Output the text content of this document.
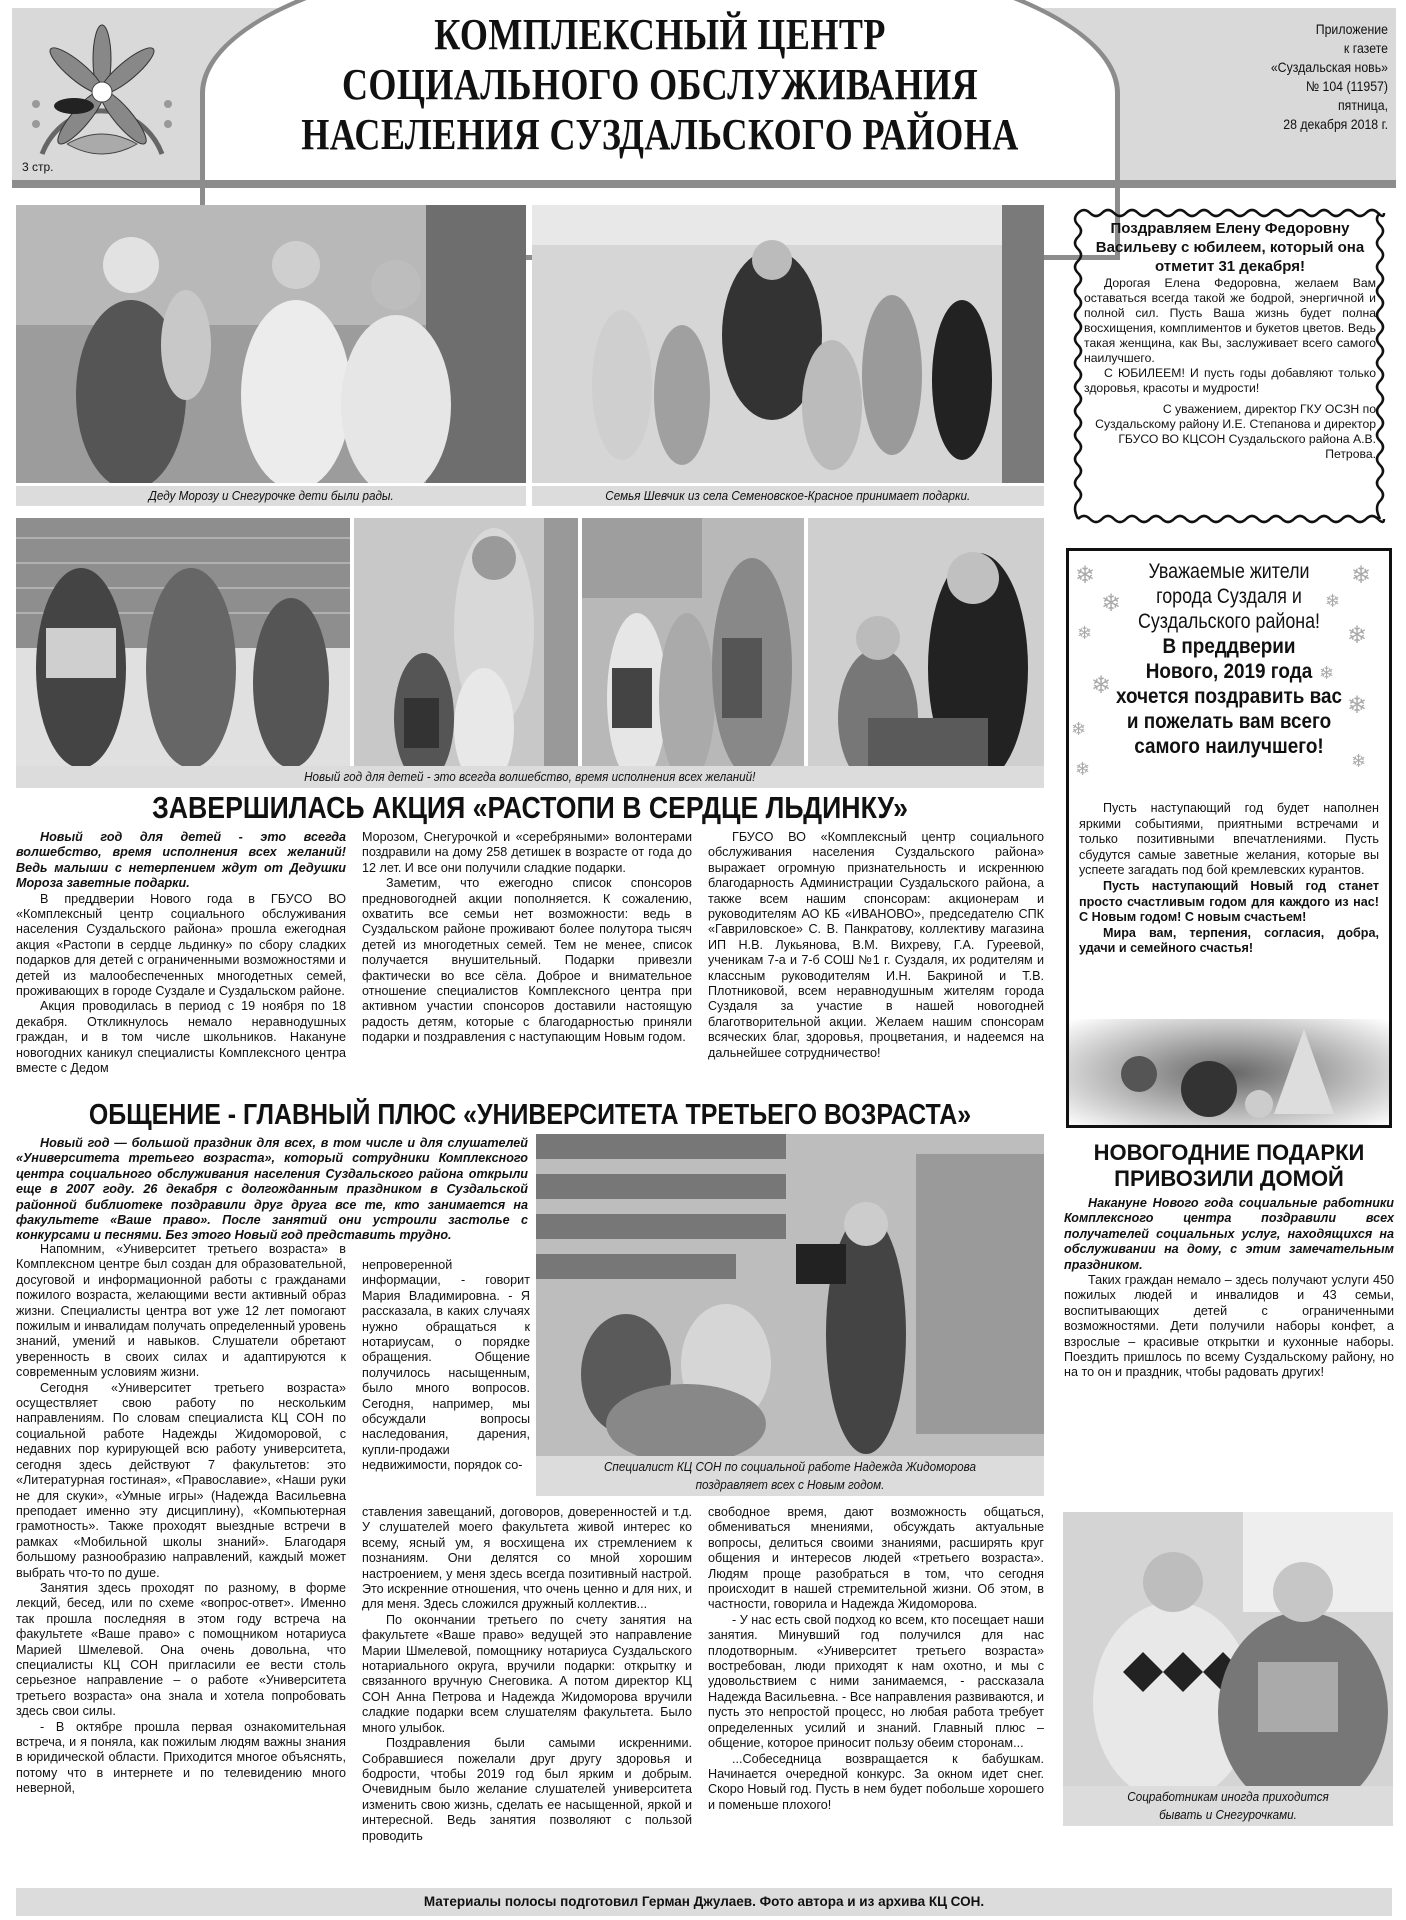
3 стр.
КОМПЛЕКСНЫЙ ЦЕНТР
СОЦИАЛЬНОГО ОБСЛУЖИВАНИЯ
НАСЕЛЕНИЯ СУЗДАЛЬСКОГО РАЙОНА
Приложение
к газете
«Суздальская новь»
№ 104 (11957)
пятница,
28 декабря 2018 г.
Деду Морозу и Снегурочке дети были рады.	Семья Шевчик из села Семеновское-Красное принимает подарки.
Новый год для детей - это всегда волшебство, время исполнения всех желаний!
ЗАВЕРШИЛАСЬ АКЦИЯ «РАСТОПИ В СЕРДЦЕ ЛЬДИНКУ»

Новый год для детей - это всегда волшебство, время исполнения всех желаний! Ведь малыши с нетерпением ждут от Дедушки Мороза заветные подарки.

В преддверии Нового года в ГБУСО ВО «Комплексный центр социального обслуживания населения Суздальского района» прошла ежегодная акция «Растопи в сердце льдинку» по сбору сладких подарков для детей с ограниченными возможностями и детей из малообеспеченных многодетных семей, проживающих в городе Суздале и Суздальском районе.

Акция проводилась в период с 19 ноября по 18 декабря. Откликнулось немало неравнодушных граждан, и в том числе школьников. Накануне новогодних каникул специалисты Комплексного центра вместе с Дедом

Морозом, Снегурочкой и «серебряными» волонтерами поздравили на дому 258 детишек в возрасте от года до 12 лет. И все они получили сладкие подарки.

Заметим, что ежегодно список спонсоров предновогодней акции пополняется. К сожалению, охватить все семьи нет возможности: ведь в Суздальском районе проживают более полутора тысяч детей из многодетных семей. Тем не менее, список получается внушительный. Подарки привезли фактически во все сёла. Доброе и внимательное отношение специалистов Комплексного центра при активном участии спонсоров доставили настоящую радость детям, которые с благодарностью приняли подарки и поздравления с наступающим Новым годом.

ГБУСО ВО «Комплексный центр социального обслуживания населения Суздальского района» выражает огромную признательность и искреннюю благодарность Администрации Суздальского района, а также всем нашим спонсорам: акционерам и руководителям АО КБ «ИВАНОВО», председателю СПК «Гавриловское» С. В. Панкратову, коллективу магазина ИП Н.В. Лукьянова, В.М. Вихреву, Г.А. Гуреевой, ученикам 7-а и 7-б СОШ №1 г. Суздаля, их родителям и классным руководителям И.Н. Бакриной и Т.В. Плотниковой, всем неравнодушным жителям города Суздаля за участие в нашей новогодней благотворительной акции. Желаем нашим спонсорам всяческих благ, здоровья, процветания, и надеемся на дальнейшее сотрудничество!

ОБЩЕНИЕ - ГЛАВНЫЙ ПЛЮС «УНИВЕРСИТЕТА ТРЕТЬЕГО ВОЗРАСТА»

Новый год — большой праздник для всех, в том числе и для слушателей «Университета третьего возраста», который сотрудники Комплексного центра социального обслуживания населения Суздальского района открыли еще в 2007 году. 26 декабря с долгожданным праздником в Суздальской районной библиотеке поздравили друг друга все те, кто занимается на факультете «Ваше право». После занятий они устроили застолье с конкурсами и песнями. Без этого Новый год представить трудно.

Специалист КЦ СОН по социальной работе Надежда Жидоморова поздравляет всех с Новым годом.

Напомним, «Университет третьего возраста» в Комплексном центре был создан для образовательной, досуговой и информационной работы с гражданами пожилого возраста, желающими вести активный образ жизни. Специалисты центра вот уже 12 лет помогают пожилым и инвалидам получать определенный уровень знаний, умений и навыков. Слушатели обретают уверенность в своих силах и адаптируются к современным условиям жизни.

Сегодня «Университет третьего возраста» осуществляет свою работу по нескольким направлениям. По словам специалиста КЦ СОН по социальной работе Надежды Жидоморовой, с недавних пор курирующей всю работу университета, сегодня здесь действуют 7 факультетов: это «Литературная гостиная», «Православие», «Наши руки не для скуки», «Умные игры» (Надежда Васильевна преподает именно эту дисциплину), «Компьютерная грамотность». Также проходят выездные встречи в рамках «Мобильной школы знаний». Благодаря большому разнообразию направлений, каждый может выбрать что-то по душе.

Занятия здесь проходят по разному, в форме лекций, бесед, или по схеме «вопрос-ответ». Именно так прошла последняя в этом году встреча на факультете «Ваше право» с помощником нотариуса Марией Шмелевой. Она очень довольна, что специалисты КЦ СОН пригласили ее вести столь серьезное направление – о работе «Университета третьего возраста» она знала и хотела попробовать здесь свои силы.

- В октябре прошла первая ознакомительная встреча, и я поняла, как пожилым людям важны знания в юридической области. Приходится многое объяснять, потому что в интернете и по телевидению много неверной,

непроверенной информации, - говорит Мария Владимировна. - Я рассказала, в каких случаях нужно обращаться к нотариусам, о порядке обращения. Общение получилось насыщенным, было много вопросов. Сегодня, например, мы обсуждали вопросы наследования, дарения, купли-продажи недвижимости, порядок со-

ставления завещаний, договоров, доверенностей и т.д. У слушателей моего факультета живой интерес ко всему, ясный ум, я восхищена их стремлением к познаниям. Они делятся со мной хорошим настроением, у меня здесь всегда позитивный настрой. Это искренние отношения, что очень ценно и для них, и для меня. Здесь сложился дружный коллектив...

По окончании третьего по счету занятия на факультете «Ваше право» ведущей это направление Марии Шмелевой, помощнику нотариуса Суздальского нотариального округа, вручили подарки: открытку и связанного вручную Снеговика. А потом директор КЦ СОН Анна Петрова и Надежда Жидоморова вручили сладкие подарки всем слушателям факультета. Было много улыбок.

Поздравления были самыми искренними. Собравшиеся пожелали друг другу здоровья и бодрости, чтобы 2019 год был ярким и добрым. Очевидным было желание слушателей университета изменить свою жизнь, сделать ее насыщенной, яркой и интересной. Ведь занятия позволяют с пользой проводить

свободное время, дают возможность общаться, обмениваться мнениями, обсуждать актуальные вопросы, делиться своими знаниями, расширять круг общения и интересов людей «третьего возраста». Людям проще разобраться в том, что сегодня происходит в нашей стремительной жизни. Об этом, в частности, говорила и Надежда Жидоморова.

- У нас есть свой подход ко всем, кто посещает наши занятия. Минувший год получился для нас плодотворным. «Университет третьего возраста» востребован, люди приходят к нам охотно, и мы с удовольствием с ними занимаемся, - рассказала Надежда Васильевна. - Все направления развиваются, и пусть это непростой процесс, но любая работа требует определенных усилий и знаний. Главный плюс – общение, которое приносит пользу обеим сторонам...

...Собеседница возвращается к бабушкам. Начинается очередной конкурс. За окном идет снег. Скоро Новый год. Пусть в нем будет побольше хорошего и поменьше плохого!

Поздравляем Елену Федоровну Васильеву с юбилеем, который она отметит 31 декабря!

Дорогая Елена Федоровна, желаем Вам оставаться всегда такой же бодрой, энергичной и полной сил. Пусть Ваша жизнь будет полна восхищения, комплиментов и букетов цветов. Ведь такая женщина, как Вы, заслуживает всего самого наилучшего.

С ЮБИЛЕЕМ! И пусть годы добавляют только здоровья, красоты и мудрости!

С уважением, директор ГКУ ОСЗН по Суздальскому району И.Е. Степанова и директор ГБУСО ВО КЦСОН Суздальского района А.В. Петрова.
❄
❄
❄
❄
❄
❄
❄
❄
❄
❄
❄
❄
Уважаемые жители
города Суздаля и
Суздальского района!
В преддверии
Нового, 2019 года
хочется поздравить вас
и пожелать вам всего
самого наилучшего!

Пусть наступающий год будет наполнен яркими событиями, приятными встречами и только позитивными впечатлениями. Пусть сбудутся самые заветные желания, которые вы успеете загадать под бой кремлевских курантов.

Пусть наступающий Новый год станет просто счастливым годом для каждого из нас! С Новым годом! С новым счастьем!

Мира вам, терпения, согласия, добра, удачи и семейного счастья!

НОВОГОДНИЕ ПОДАРКИ
ПРИВОЗИЛИ ДОМОЙ

Накануне Нового года социальные работники Комплексного центра поздравили всех получателей социальных услуг, находящихся на обслуживании на дому, с этим замечательным праздником.

Таких граждан немало – здесь получают услуги 450 пожилых людей и инвалидов и 43 семьи, воспитывающих детей с ограниченными возможностями. Дети получили наборы конфет, а взрослые – красивые открытки и кухонные наборы. Поездить пришлось по всему Суздальскому району, но на то он и праздник, чтобы радовать других!

Соцработникам иногда приходится бывать и Снегурочками.
Материалы полосы подготовил Герман Джулаев. Фото автора и из архива КЦ СОН.
